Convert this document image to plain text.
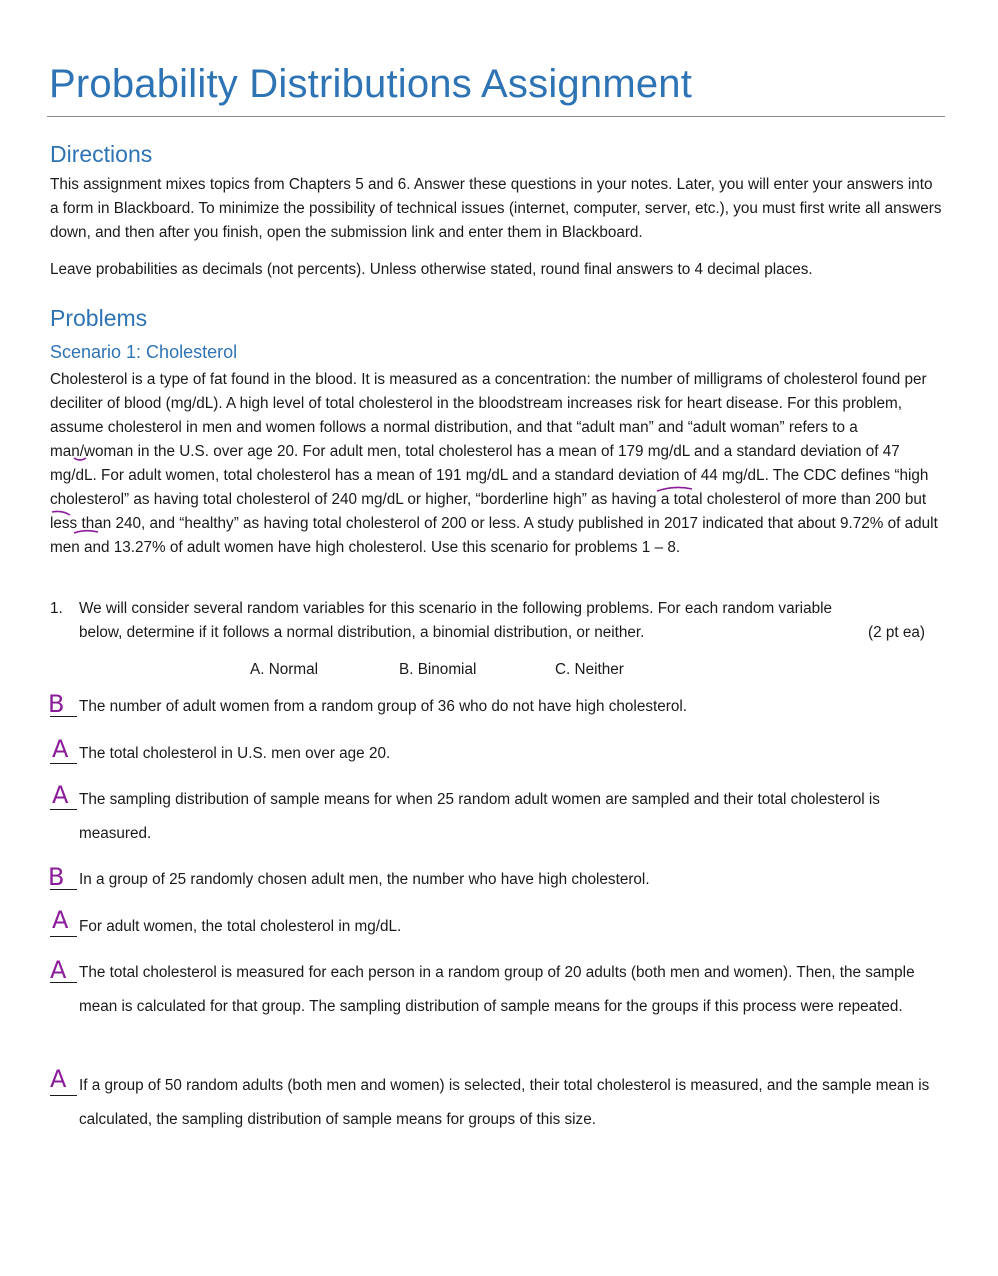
Probability Distributions Assignment
Directions

This assignment mixes topics from Chapters 5 and 6. Answer these questions in your notes. Later, you will enter your answers into a form in Blackboard. To minimize the possibility of technical issues (internet, computer, server, etc.), you must first write all answers down, and then after you finish, open the submission link and enter them in Blackboard.

Leave probabilities as decimals (not percents). Unless otherwise stated, round final answers to 4 decimal places.

Problems
Scenario 1: Cholesterol

Cholesterol is a type of fat found in the blood. It is measured as a concentration: the number of milligrams of cholesterol found per deciliter of blood (mg/dL). A high level of total cholesterol in the bloodstream increases risk for heart disease. For this problem, assume cholesterol in men and women follows a normal distribution, and that “adult man” and “adult woman” refers to a man/woman in the U.S. over age 20. For adult men, total cholesterol has a mean of 179 mg/dL and a standard deviation of 47 mg/dL. For adult women, total cholesterol has a mean of 191 mg/dL and a standard deviation of 44 mg/dL. The CDC defines “high cholesterol” as having total cholesterol of 240 mg/dL or higher, “borderline high” as having a total cholesterol of more than 200 but less than 240, and “healthy” as having total cholesterol of 200 or less. A study published in 2017 indicated that about 9.72% of adult men and 13.27% of adult women have high cholesterol. Use this scenario for problems 1 – 8.

1. We will consider several random variables for this scenario in the following problems. For each random variable below, determine if it follows a normal distribution, a binomial distribution, or neither.	(2 pt ea)
A. Normal	B. Binomial	C. Neither
B The number of adult women from a random group of 36 who do not have high cholesterol.
A The total cholesterol in U.S. men over age 20.
A The sampling distribution of sample means for when 25 random adult women are sampled and their total cholesterol is measured.
B In a group of 25 randomly chosen adult men, the number who have high cholesterol.
A For adult women, the total cholesterol in mg/dL.
A The total cholesterol is measured for each person in a random group of 20 adults (both men and women). Then, the sample mean is calculated for that group. The sampling distribution of sample means for the groups if this process were repeated.
A If a group of 50 random adults (both men and women) is selected, their total cholesterol is measured, and the sample mean is calculated, the sampling distribution of sample means for groups of this size.
